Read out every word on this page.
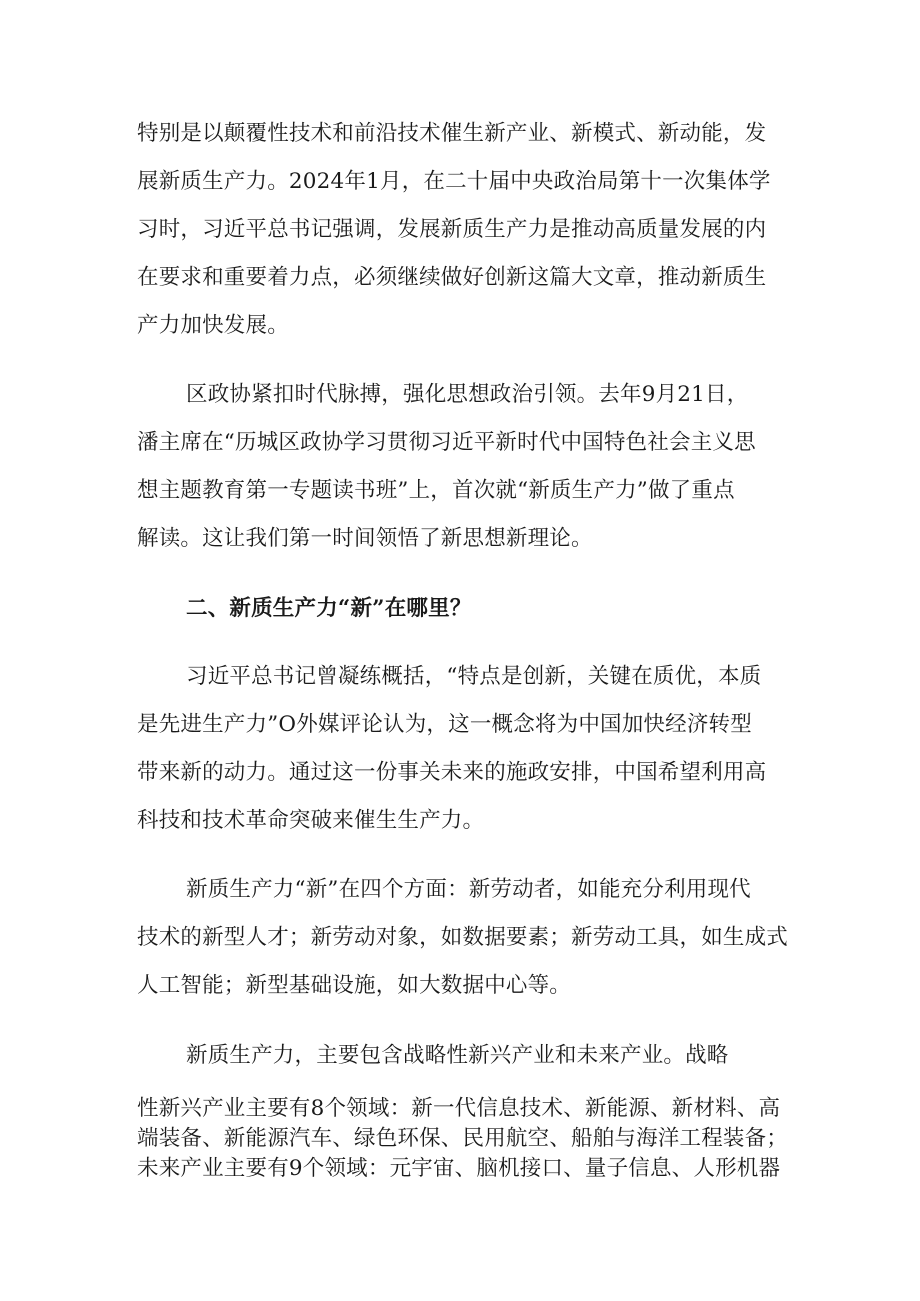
特别是以颠覆性技术和前沿技术催生新产业、新模式、新动能，发
展新质生产力。2024年1月，在二十届中央政治局第十一次集体学
习时，习近平总书记强调，发展新质生产力是推动高质量发展的内
在要求和重要着力点，必须继续做好创新这篇大文章，推动新质生
产力加快发展。
区政协紧扣时代脉搏，强化思想政治引领。去年9月21日，
潘主席在“历城区政协学习贯彻习近平新时代中国特色社会主义思
想主题教育第一专题读书班”上，首次就“新质生产力”做了重点
解读。这让我们第一时间领悟了新思想新理论。
二、新质生产力“新”在哪里？
习近平总书记曾凝练概括，“特点是创新，关键在质优，本质
是先进生产力”O外媒评论认为，这一概念将为中国加快经济转型
带来新的动力。通过这一份事关未来的施政安排，中国希望利用高
科技和技术革命突破来催生生产力。
新质生产力“新”在四个方面：新劳动者，如能充分利用现代
技术的新型人才；新劳动对象，如数据要素；新劳动工具，如生成式
人工智能；新型基础设施，如大数据中心等。
新质生产力，主要包含战略性新兴产业和未来产业。战略
性新兴产业主要有8个领域：新一代信息技术、新能源、新材料、高
端装备、新能源汽车、绿色环保、民用航空、船舶与海洋工程装备；
未来产业主要有9个领域：元宇宙、脑机接口、量子信息、人形机器
